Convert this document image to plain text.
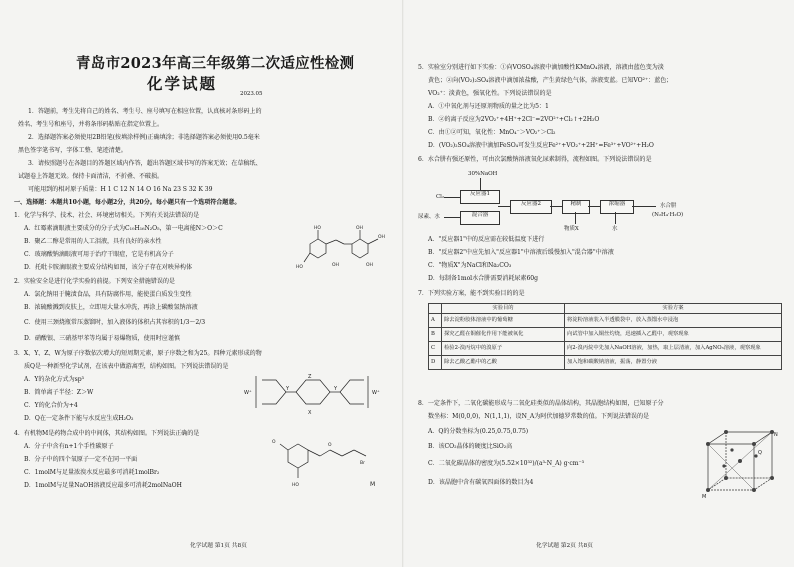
青岛市2023年高三年级第二次适应性检测
化学试题
2023.05
1．答题前，考生先将自己的姓名、考生号、座号填写在相应位置，认真核对条形码上的
姓名、考生号和座号，并将条形码粘贴在指定位置上。
2．选择题答案必须使用2B铅笔(按填涂样例)正确填涂；非选择题答案必须使用0.5毫米
黑色签字笔书写，字体工整、笔迹清楚。
3．请按照题号在各题目的答题区域内作答，超出答题区域书写的答案无效；在草稿纸、
试题卷上答题无效。保持卡面清洁，不折叠、不破损。
可能用到的相对原子质量：H 1 C 12 N 14 O 16 Na 23 S 32 K 39
一、选择题：本题共10小题，每小题2分，共20分。每小题只有一个选项符合题意。
1．化学与科学、技术、社会、环境密切相关。下列有关说法错误的是
A．红霉素滴眼液主要成分的分子式为C₁₀H₁₆N₂O₅，第一电离能N＞O＞C
B．聚乙二醇是常用的人工泪液，具有良好的亲水性
C．玻璃酸钠滴眼液可用于治疗干眼症，它是有机高分子
D．托吡卡胺滴眼液主要成分结构如图，该分子存在对映异构体
HO	OH
OH
HO	OH	OH
2．实验安全是进行化学实验的前提。下列安全措施错误的是
A．氯化钠用于腌渍食品，具有防腐作用，能使蛋白质发生变性
B．浓硫酸溅到皮肤上，立即用大量水冲洗，再涂上碳酸氢钠溶液
C．使用三颈烧瓶常压蒸馏时，加入液体的体积占其容积的1/3～2/3
D．硝酸银、三硝基甲苯等均属于易爆物质，使用时应谨慎
3．X、Y、Z、W为原子序数依次增大的短周期元素，原子序数之和为25。四种元素形成的物
质Q是一种新型化学试剂，在该表中做游离型，结构如图。下列说法错误的是
A．Y的杂化方式为sp³
B．简单离子半径：Z＞W
C．Y的化合价为+4
D．Q在一定条件下能与水反应生成H₂O₂
W⁺	W⁺
Y	Y
Z
X
4．有机物M是药物合成中的中间体，其结构如图。下列说法正确的是
A．分子中含有n+1个手性碳原子
B．分子中的四个氧原子一定不在同一平面
C．1molM与足量浓溴水反应最多可消耗1molBr₂
D．1molM与足量NaOH溶液反应最多可消耗2molNaOH
O
HO
O
Br
M
化学试题 第1页 共8页
5．实验室分别进行如下实验：①向VOSO₄溶液中滴加酸性KMnO₄溶液，溶液由蓝色变为淡
黄色；②向(VO₂)₂SO₄溶液中滴加浓盐酸，产生黄绿色气体，溶液变蓝。已知VO²⁺：蓝色；
VO₂⁺：淡黄色，强氧化性。下列说法错误的是
A．①中氧化剂与还原剂物质的量之比为5：1
B．②的离子反应为2VO₂⁺+4H⁺+2Cl⁻=2VO²⁺+Cl₂↑+2H₂O
C．由①②可知，氧化性：MnO₄⁻＞VO₂⁺＞Cl₂
D．(VO₂)₂SO₄溶液中滴加FeSO₄可发生反应Fe²⁺+VO₂⁺+2H⁺=Fe³⁺+VO²⁺+H₂O
6．水合肼有强还原性，可由次氯酸钠溶液氧化尿素制得，流程如图。下列说法错误的是
30%NaOH
Cl₂	反应器1
尿素、水	混合器
反应器2	精制	浓缩器	水合肼
(N₂H₄·H₂O)
物质X	水
A．"反应器1"中的反应需在较低温度下进行
B．"反应器2"中应先加入"反应器1"中溶液后缓慢加入"混合器"中溶液
C．"物质X"为NaCl和Na₂CO₃
D．每制备1mol水合肼需要消耗尿素60g
7．下列实验方案，能不到实验目的的是
	实验目的	实验方案
A	除去淀粉胶体溶液中的葡萄糖	将淀粉溶液装入半透膜袋中，放入蒸馏水中浸泡
B	探究乙醛在铜催化作用下能被氧化	向试管中加入铜丝灼烧，迅速插入乙醛中，观察现象
C	检验2-溴丙烷中的溴原子	向2-溴丙烷中先加入NaOH溶液，加热，取上层清液，加入AgNO₃溶液，观察现象
D	除去乙酸乙酯中的乙酸	加入饱和碳酸钠溶液，振荡，静置分液
8．一定条件下，二氧化碳能形成与二氧化硅类似的晶体结构，其晶胞结构如图，已知原子分
数坐标：M(0,0,0)，N(1,1,1)，设N_A为阿伏加德罗常数的值。下列说法错误的是
A．Q的分数坐标为(0.25,0.75,0.75)
B．该CO₂晶体的硬度比SiO₂高
C．二氧化碳晶体的密度为(5.52×10³²)/(a³·N_A) g·cm⁻³
D．该晶胞中含有碳氧四面体的数目为4
N
M
Q
化学试题 第2页 共8页
